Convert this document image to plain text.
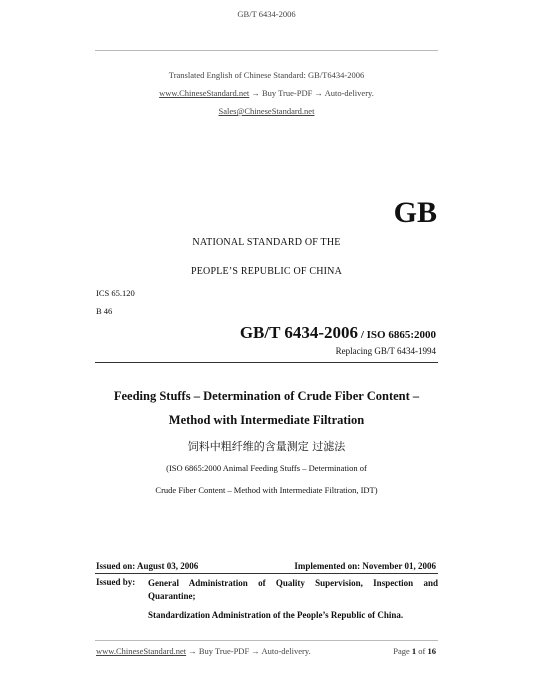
GB/T 6434-2006
Translated English of Chinese Standard: GB/T6434-2006
www.ChineseStandard.net → Buy True-PDF → Auto-delivery.
Sales@ChineseStandard.net
GB
NATIONAL STANDARD OF THE
PEOPLE’S REPUBLIC OF CHINA
ICS 65.120
B 46
GB/T 6434-2006 / ISO 6865:2000
Replacing GB/T 6434-1994
Feeding Stuffs – Determination of Crude Fiber Content –
Method with Intermediate Filtration
饲料中粗纤维的含量测定 过滤法
(ISO 6865:2000 Animal Feeding Stuffs – Determination of
Crude Fiber Content – Method with Intermediate Filtration, IDT)
Issued on: August 03, 2006	Implemented on: November 01, 2006
Issued by: General Administration of Quality Supervision, Inspection and Quarantine;
Standardization Administration of the People’s Republic of China.
www.ChineseStandard.net → Buy True-PDF → Auto-delivery.	Page 1 of 16
